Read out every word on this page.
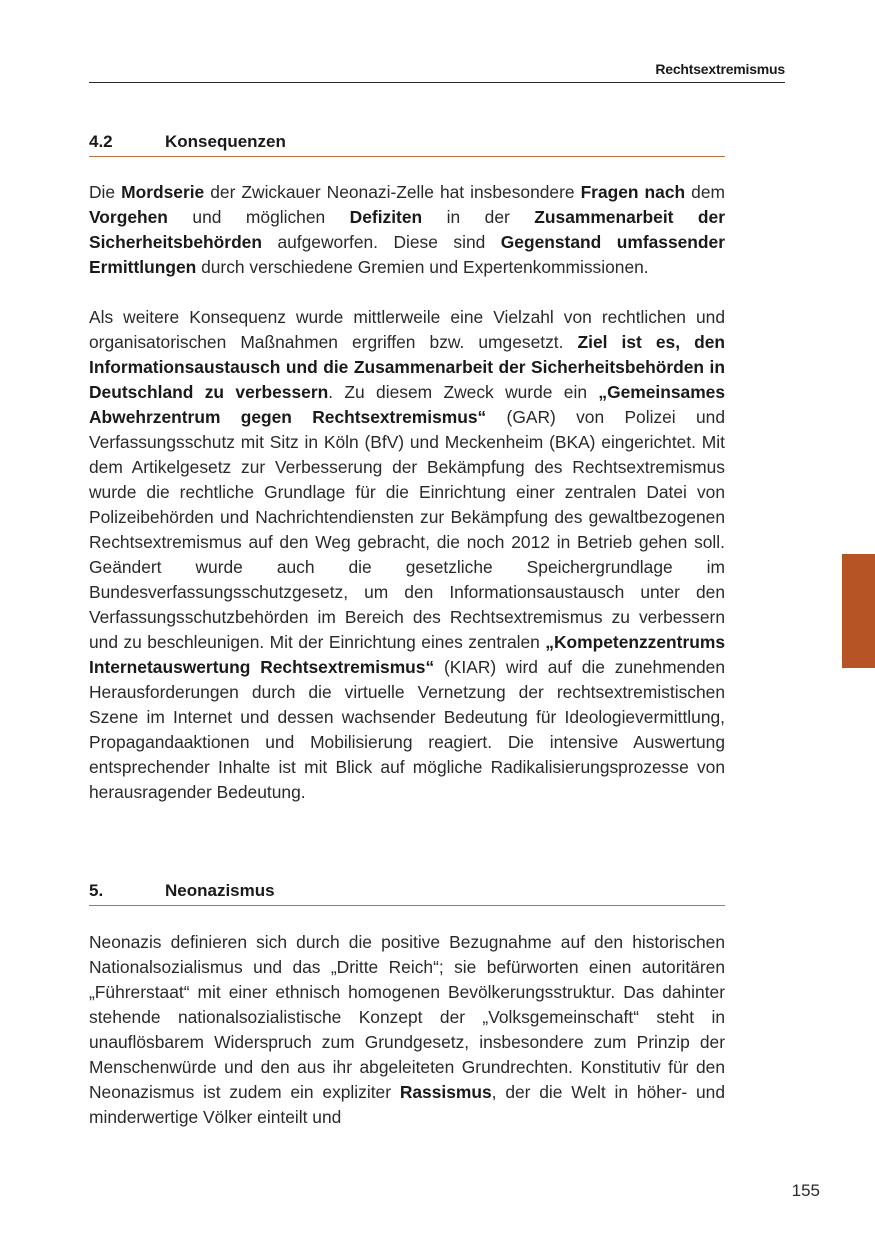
Rechtsextremismus
4.2	Konsequenzen

Die Mordserie der Zwickauer Neonazi-Zelle hat insbesondere Fragen nach dem Vorgehen und möglichen Defiziten in der Zusammenarbeit der Sicherheitsbehörden aufgeworfen. Diese sind Gegenstand umfassender Ermittlungen durch verschiedene Gremien und Expertenkommissionen.

Als weitere Konsequenz wurde mittlerweile eine Vielzahl von rechtlichen und organisatorischen Maßnahmen ergriffen bzw. umgesetzt. Ziel ist es, den Informationsaustausch und die Zusammenarbeit der Sicherheitsbehörden in Deutschland zu verbessern. Zu diesem Zweck wurde ein „Gemeinsames Abwehrzentrum gegen Rechtsextremismus“ (GAR) von Polizei und Verfassungsschutz mit Sitz in Köln (BfV) und Meckenheim (BKA) eingerichtet. Mit dem Artikelgesetz zur Verbesserung der Bekämpfung des Rechtsextremismus wurde die rechtliche Grundlage für die Einrichtung einer zentralen Datei von Polizeibehörden und Nachrichtendiensten zur Bekämpfung des gewaltbezogenen Rechtsextremismus auf den Weg gebracht, die noch 2012 in Betrieb gehen soll. Geändert wurde auch die gesetzliche Speichergrundlage im Bundesverfassungsschutzgesetz, um den Informationsaustausch unter den Verfassungsschutzbehörden im Bereich des Rechtsextremismus zu verbessern und zu beschleunigen. Mit der Einrichtung eines zentralen „Kompetenzzentrums Internetauswertung Rechtsextremismus“ (KIAR) wird auf die zunehmenden Herausforderungen durch die virtuelle Vernetzung der rechtsextremistischen Szene im Internet und dessen wachsender Bedeutung für Ideologievermittlung, Propagandaaktionen und Mobilisierung reagiert. Die intensive Auswertung entsprechender Inhalte ist mit Blick auf mögliche Radikalisierungsprozesse von herausragender Bedeutung.

5.	Neonazismus

Neonazis definieren sich durch die positive Bezugnahme auf den historischen Nationalsozialismus und das „Dritte Reich“; sie befürworten einen autoritären „Führerstaat“ mit einer ethnisch homogenen Bevölkerungsstruktur. Das dahinter stehende nationalsozialistische Konzept der „Volksgemeinschaft“ steht in unauflösbarem Widerspruch zum Grundgesetz, insbesondere zum Prinzip der Menschenwürde und den aus ihr abgeleiteten Grundrechten. Konstitutiv für den Neonazismus ist zudem ein expliziter Rassismus, der die Welt in höher- und minderwertige Völker einteilt und

155
